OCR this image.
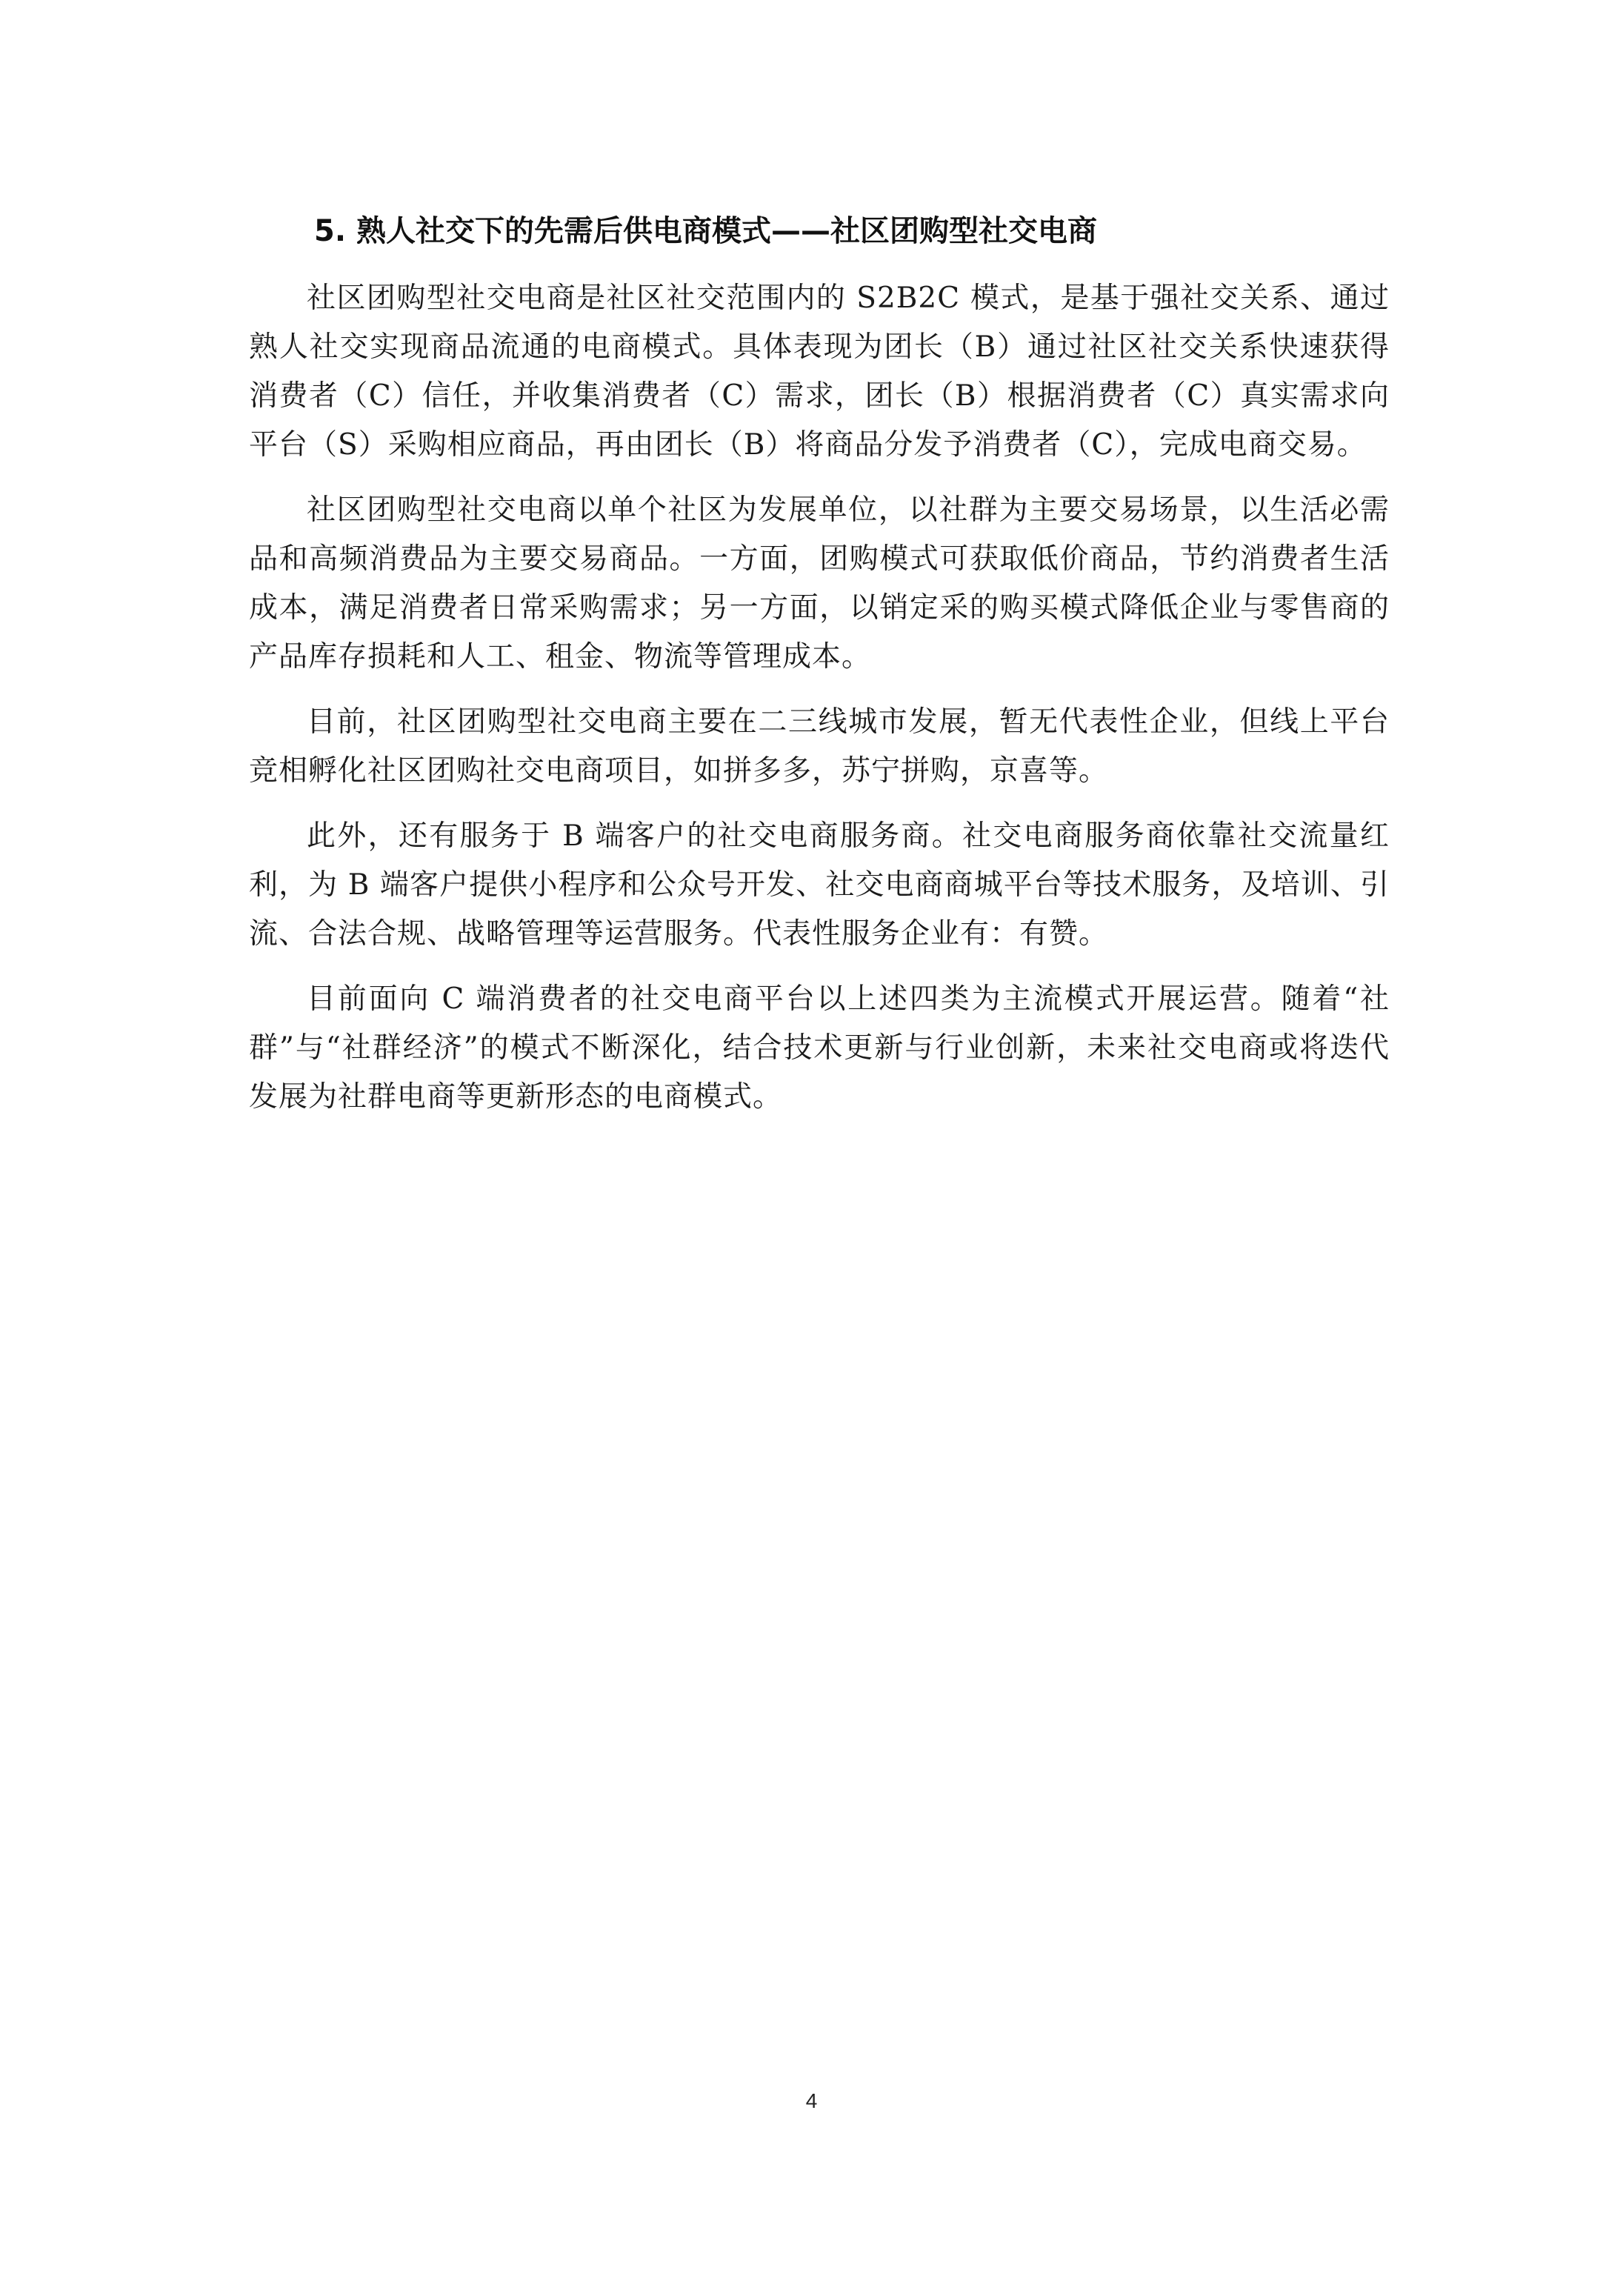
5. 熟人社交下的先需后供电商模式——社区团购型社交电商

社区团购型社交电商是社区社交范围内的 S2B2C 模式，是基于强社交关系、通过熟人社交实现商品流通的电商模式。具体表现为团长（B）通过社区社交关系快速获得消费者（C）信任，并收集消费者（C）需求，团长（B）根据消费者（C）真实需求向平台（S）采购相应商品，再由团长（B）将商品分发予消费者（C），完成电商交易。

社区团购型社交电商以单个社区为发展单位，以社群为主要交易场景，以生活必需品和高频消费品为主要交易商品。一方面，团购模式可获取低价商品，节约消费者生活成本，满足消费者日常采购需求；另一方面，以销定采的购买模式降低企业与零售商的产品库存损耗和人工、租金、物流等管理成本。

目前，社区团购型社交电商主要在二三线城市发展，暂无代表性企业，但线上平台竞相孵化社区团购社交电商项目，如拼多多，苏宁拼购，京喜等。

此外，还有服务于 B 端客户的社交电商服务商。社交电商服务商依靠社交流量红利，为 B 端客户提供小程序和公众号开发、社交电商商城平台等技术服务，及培训、引流、合法合规、战略管理等运营服务。代表性服务企业有：有赞。

目前面向 C 端消费者的社交电商平台以上述四类为主流模式开展运营。随着“社群”与“社群经济”的模式不断深化，结合技术更新与行业创新，未来社交电商或将迭代发展为社群电商等更新形态的电商模式。

4
